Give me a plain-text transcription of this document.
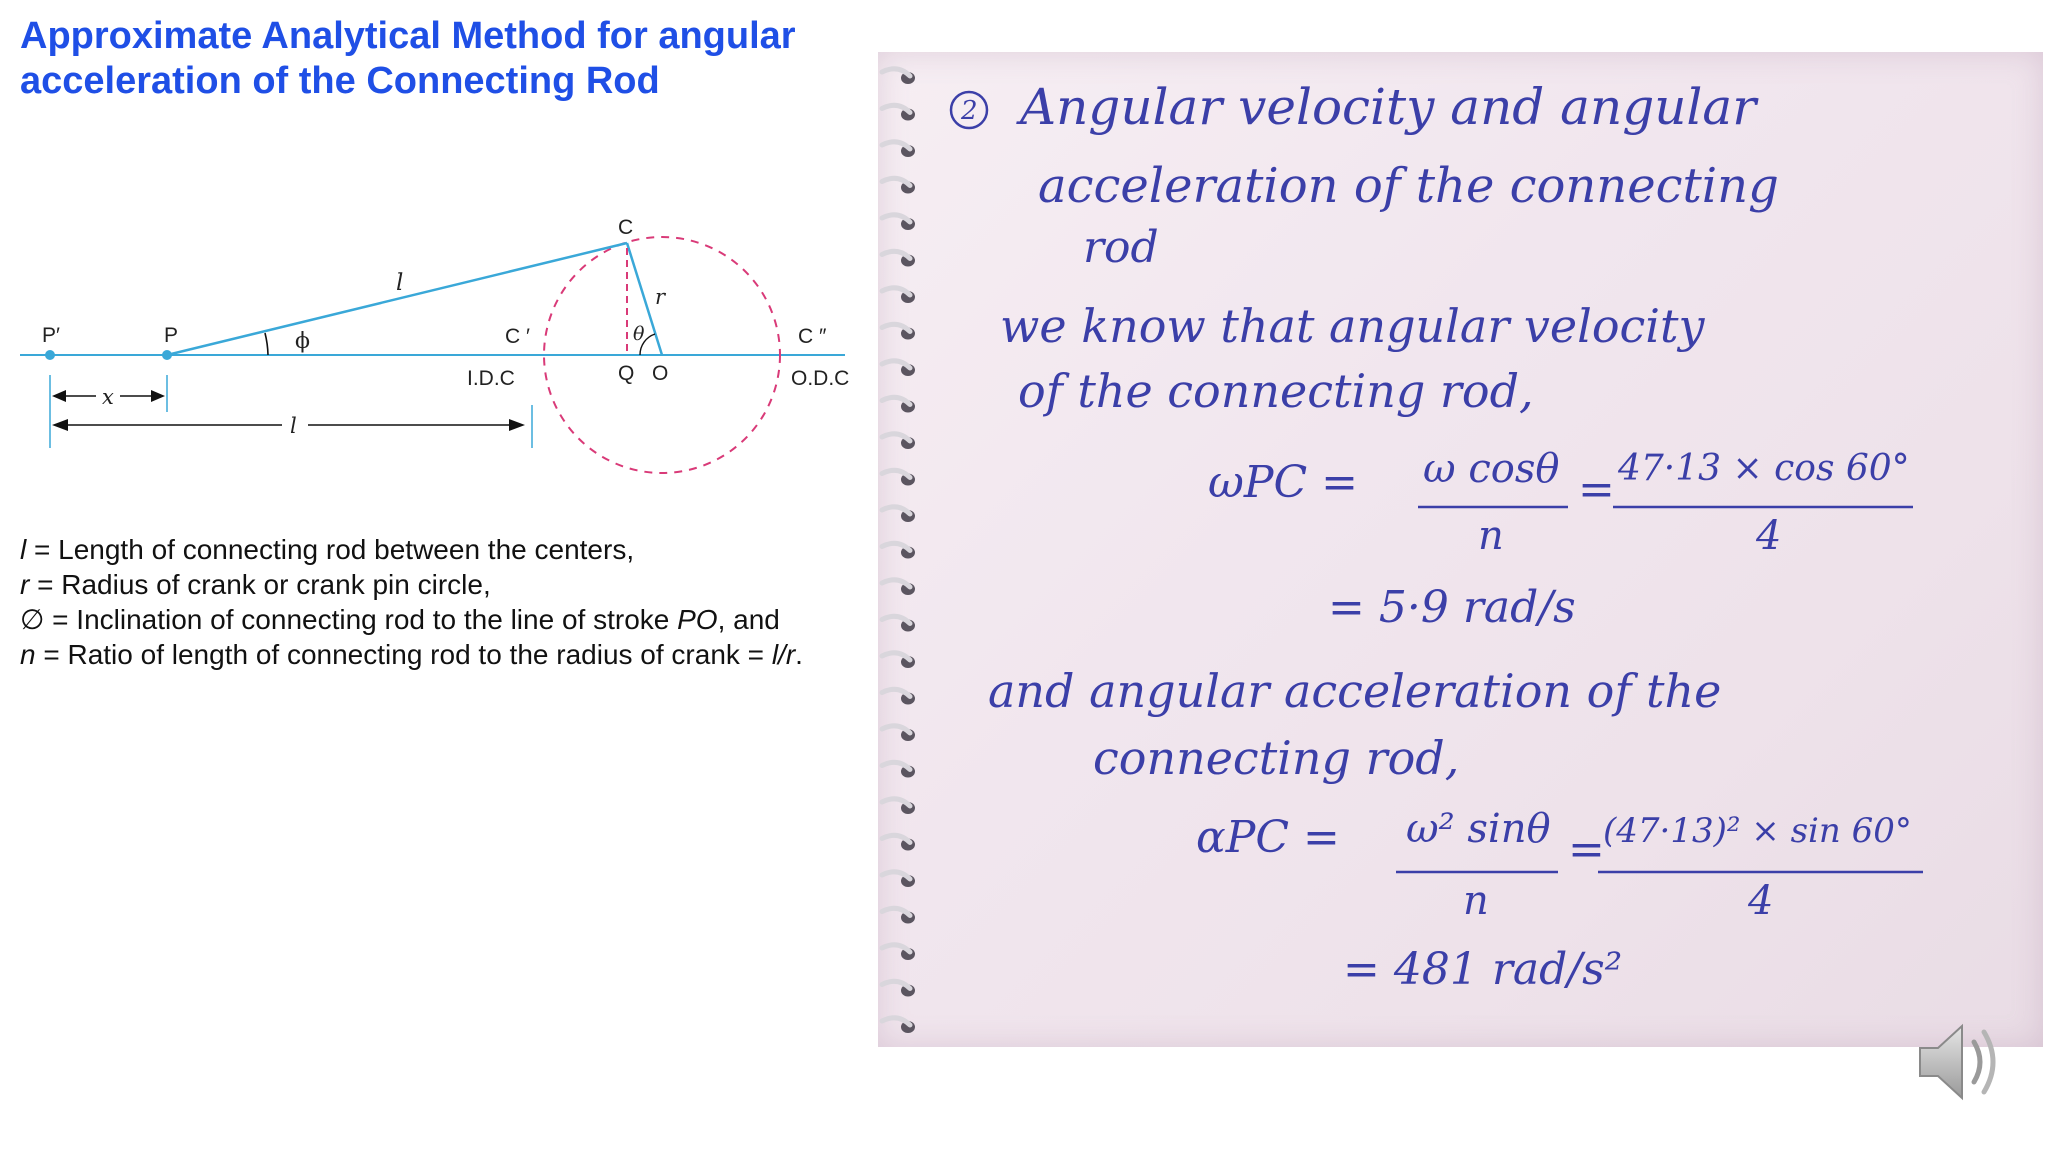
Approximate Analytical Method for angular
acceleration of the Connecting Rod
P′	P
C
l
r
ϕ	θ
C ′	C ″
Q O
I.D.C	O.D.C
x
l
l = Length of connecting rod between the centers,
r = Radius of crank or crank pin circle,
∅ = Inclination of connecting rod to the line of stroke PO, and
n = Ratio of length of connecting rod to the radius of crank = l/r.
2 Angular velocity and angular
acceleration of the connecting
rod
we know that angular velocity
of the connecting rod,
ωPC = ω cosθ
n
= 47·13 × cos 60°
4
= 5·9 rad/s
and angular acceleration of the
connecting rod,
αPC = ω² sinθ
n
=
(47·13)² × sin 60°
4
= 481 rad/s²
